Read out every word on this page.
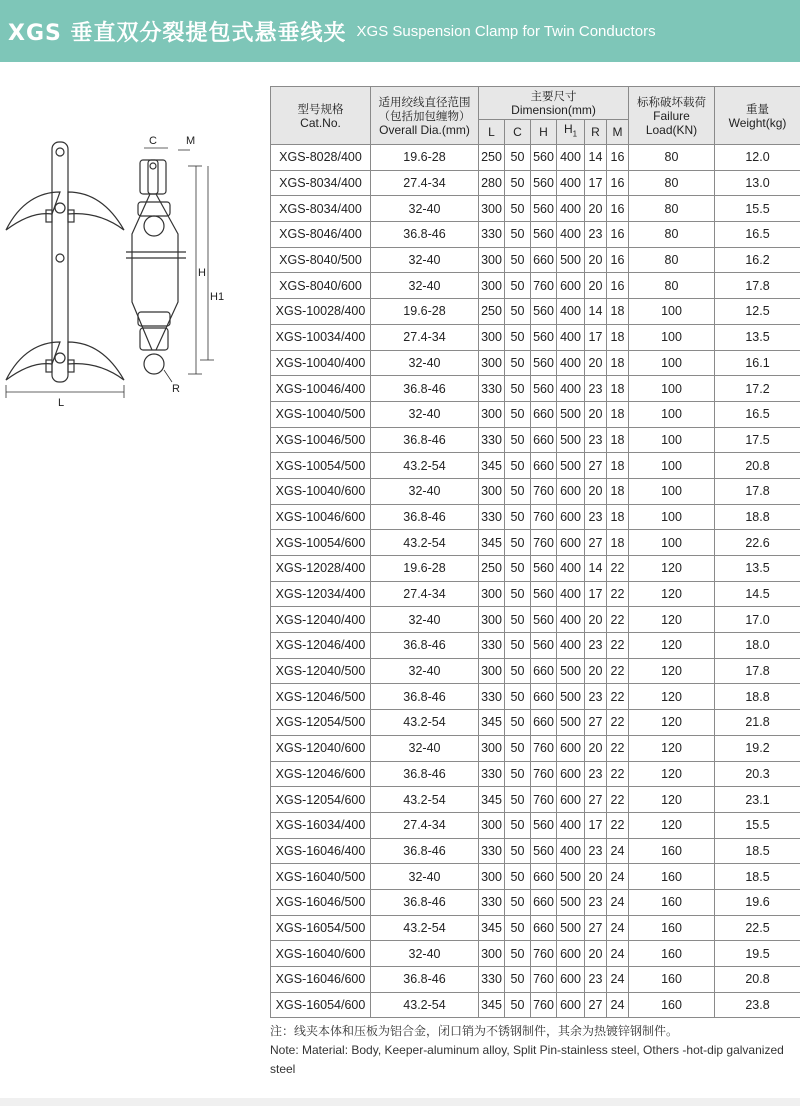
XGS 垂直双分裂提包式悬垂线夹 XGS Suspension Clamp for Twin Conductors
C	M
H
H1
L
R
型号规格
Cat.No.	适用绞线直径范围
（包括加包缠物）
Overall Dia.(mm)	主要尺寸
Dimension(mm)						标称破坏载荷
Failure
Load(KN)	重量
Weight(kg)

		L	C	H	$H_1$	R	M		
XGS-8028/400	19.6-28	250	50	560	400	14	16	80	12.0
XGS-8034/400	27.4-34	280	50	560	400	17	16	80	13.0
XGS-8034/400	32-40	300	50	560	400	20	16	80	15.5
XGS-8046/400	36.8-46	330	50	560	400	23	16	80	16.5
XGS-8040/500	32-40	300	50	660	500	20	16	80	16.2
XGS-8040/600	32-40	300	50	760	600	20	16	80	17.8
XGS-10028/400	19.6-28	250	50	560	400	14	18	100	12.5
XGS-10034/400	27.4-34	300	50	560	400	17	18	100	13.5
XGS-10040/400	32-40	300	50	560	400	20	18	100	16.1
XGS-10046/400	36.8-46	330	50	560	400	23	18	100	17.2
XGS-10040/500	32-40	300	50	660	500	20	18	100	16.5
XGS-10046/500	36.8-46	330	50	660	500	23	18	100	17.5
XGS-10054/500	43.2-54	345	50	660	500	27	18	100	20.8
XGS-10040/600	32-40	300	50	760	600	20	18	100	17.8
XGS-10046/600	36.8-46	330	50	760	600	23	18	100	18.8
XGS-10054/600	43.2-54	345	50	760	600	27	18	100	22.6
XGS-12028/400	19.6-28	250	50	560	400	14	22	120	13.5
XGS-12034/400	27.4-34	300	50	560	400	17	22	120	14.5
XGS-12040/400	32-40	300	50	560	400	20	22	120	17.0
XGS-12046/400	36.8-46	330	50	560	400	23	22	120	18.0
XGS-12040/500	32-40	300	50	660	500	20	22	120	17.8
XGS-12046/500	36.8-46	330	50	660	500	23	22	120	18.8
XGS-12054/500	43.2-54	345	50	660	500	27	22	120	21.8
XGS-12040/600	32-40	300	50	760	600	20	22	120	19.2
XGS-12046/600	36.8-46	330	50	760	600	23	22	120	20.3
XGS-12054/600	43.2-54	345	50	760	600	27	22	120	23.1
XGS-16034/400	27.4-34	300	50	560	400	17	22	120	15.5
XGS-16046/400	36.8-46	330	50	560	400	23	24	160	18.5
XGS-16040/500	32-40	300	50	660	500	20	24	160	18.5
XGS-16046/500	36.8-46	330	50	660	500	23	24	160	19.6
XGS-16054/500	43.2-54	345	50	660	500	27	24	160	22.5
XGS-16040/600	32-40	300	50	760	600	20	24	160	19.5
XGS-16046/600	36.8-46	330	50	760	600	23	24	160	20.8
XGS-16054/600	43.2-54	345	50	760	600	27	24	160	23.8
注：线夹本体和压板为铝合金，闭口销为不锈钢制件，其余为热镀锌钢制件。
Note: Material: Body, Keeper-aluminum alloy, Split Pin-stainless steel, Others -hot-dip galvanized steel
